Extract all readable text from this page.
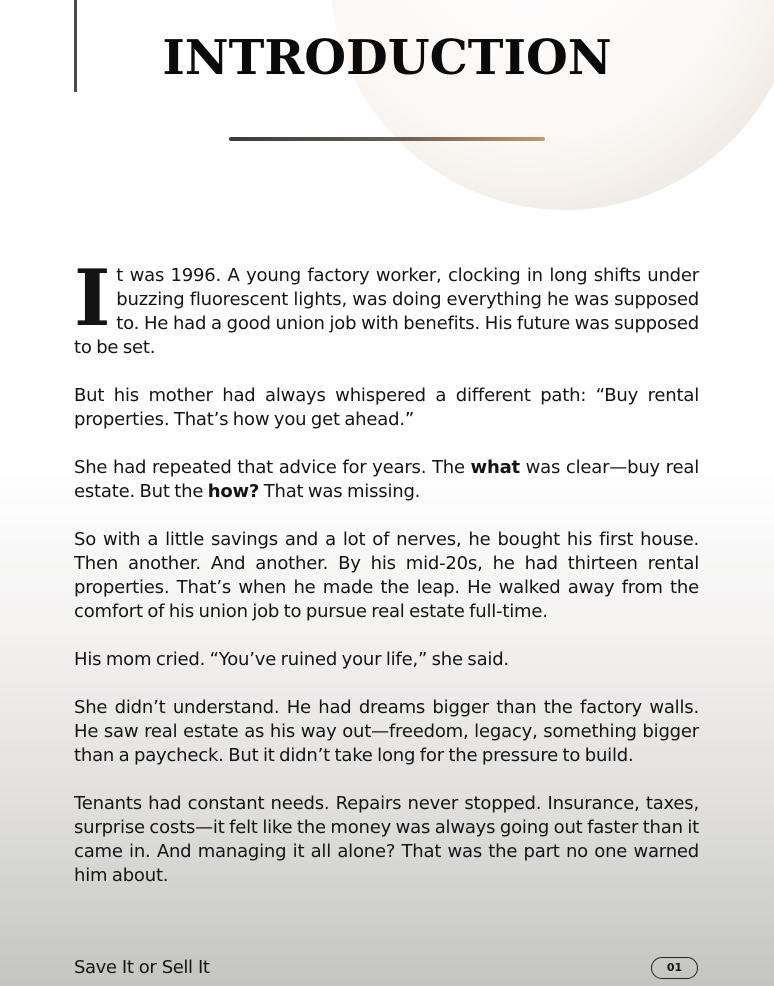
INTRODUCTION

It was 1996. A young factory worker, clocking in long shifts under buzzing fluorescent lights, was doing everything he was supposed to. He had a good union job with benefits. His future was supposed to be set.

But his mother had always whispered a different path: “Buy rental properties. That’s how you get ahead.”

She had repeated that advice for years. The what was clear—buy real estate. But the how? That was missing.

So with a little savings and a lot of nerves, he bought his first house. Then another. And another. By his mid-20s, he had thirteen rental properties. That’s when he made the leap. He walked away from the comfort of his union job to pursue real estate full-time.

His mom cried. “You’ve ruined your life,” she said.

She didn’t understand. He had dreams bigger than the factory walls. He saw real estate as his way out—freedom, legacy, something bigger than a paycheck. But it didn’t take long for the pressure to build.

Tenants had constant needs. Repairs never stopped. Insurance, taxes, surprise costs—it felt like the money was always going out faster than it came in. And managing it all alone? That was the part no one warned him about.

Save It or Sell It	01
